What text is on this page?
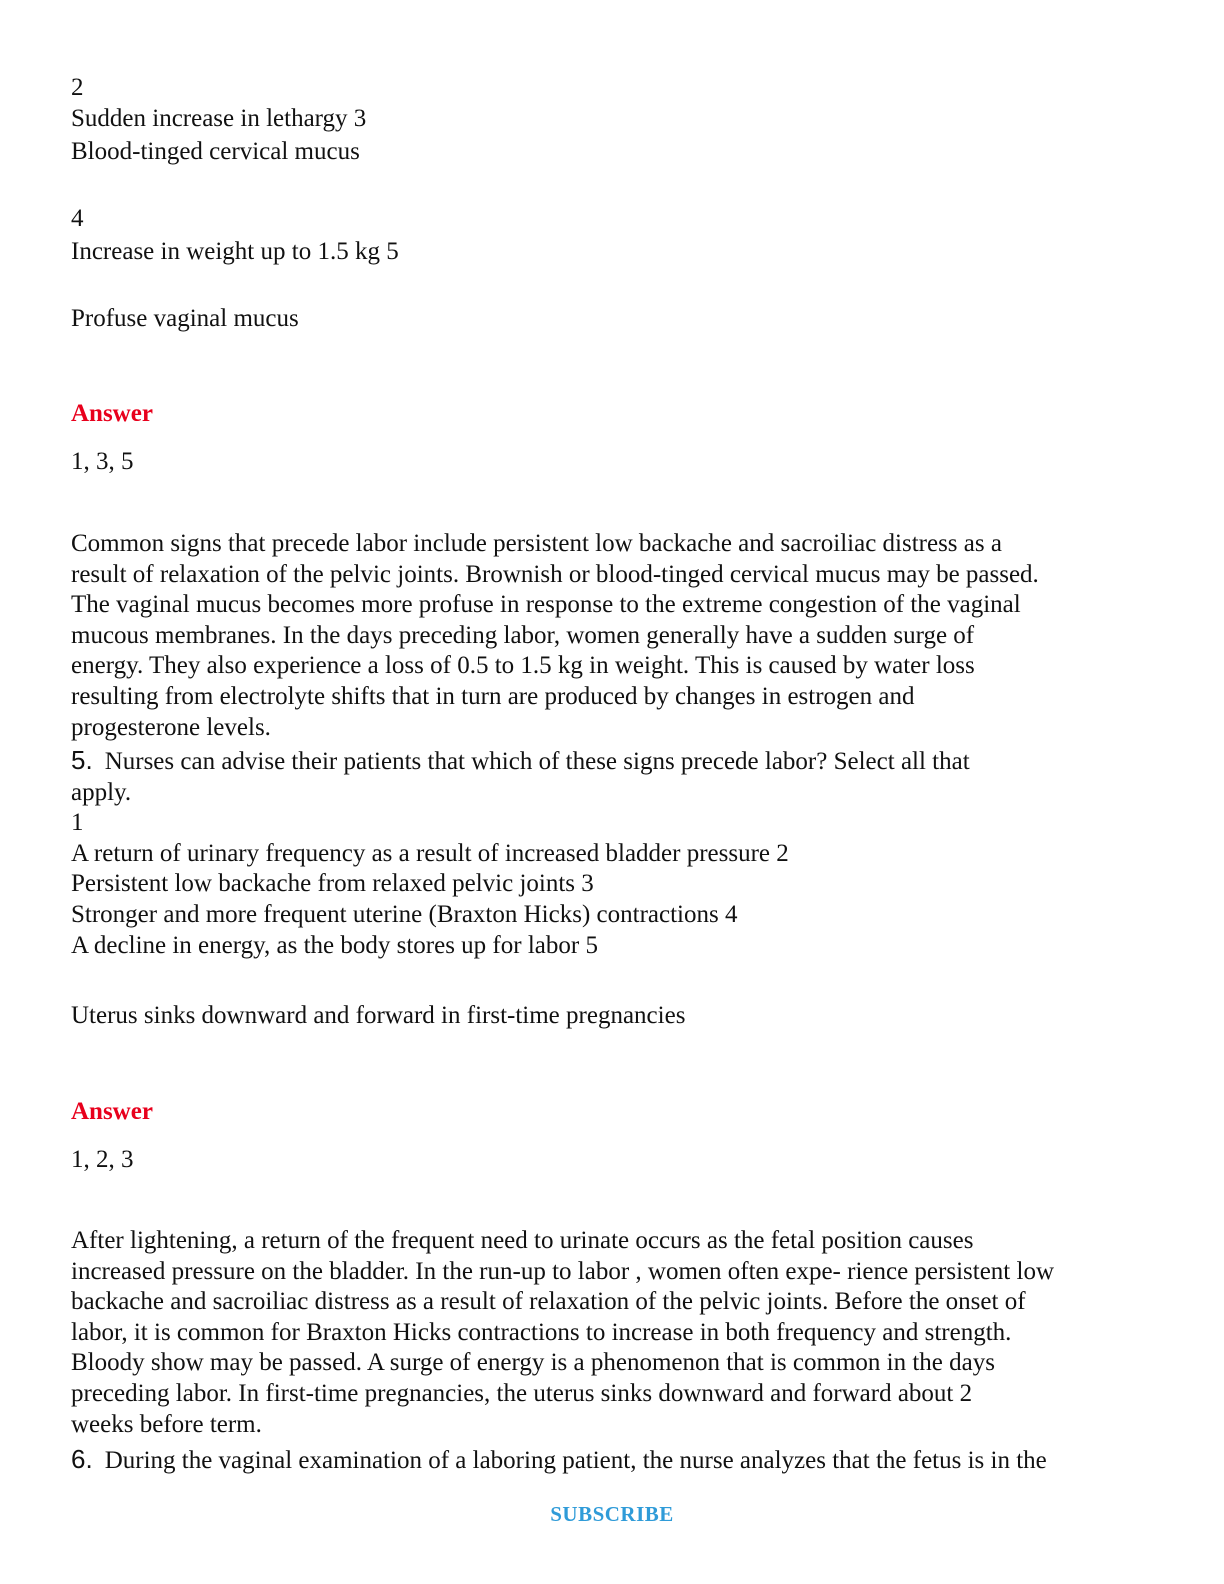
2

Sudden increase in lethargy 3

Blood-tinged cervical mucus

4

Increase in weight up to 1.5 kg 5

Profuse vaginal mucus

Answer

1, 3, 5

Common signs that precede labor include persistent low backache and sacroiliac distress as a
result of relaxation of the pelvic joints. Brownish or blood-tinged cervical mucus may be passed.
The vaginal mucus becomes more profuse in response to the extreme congestion of the vaginal
mucous membranes. In the days preceding labor, women generally have a sudden surge of
energy. They also experience a loss of 0.5 to 1.5 kg in weight. This is caused by water loss
resulting from electrolyte shifts that in turn are produced by changes in estrogen and
progesterone levels.
5. Nurses can advise their patients that which of these signs precede labor? Select all that
apply.
1
A return of urinary frequency as a result of increased bladder pressure 2
Persistent low backache from relaxed pelvic joints 3
Stronger and more frequent uterine (Braxton Hicks) contractions 4
A decline in energy, as the body stores up for labor 5

Uterus sinks downward and forward in first-time pregnancies

Answer

1, 2, 3

After lightening, a return of the frequent need to urinate occurs as the fetal position causes
increased pressure on the bladder. In the run-up to labor , women often expe- rience persistent low
backache and sacroiliac distress as a result of relaxation of the pelvic joints. Before the onset of
labor, it is common for Braxton Hicks contractions to increase in both frequency and strength.
Bloody show may be passed. A surge of energy is a phenomenon that is common in the days
preceding labor. In first-time pregnancies, the uterus sinks downward and forward about 2
weeks before term.
6. During the vaginal examination of a laboring patient, the nurse analyzes that the fetus is in the
SUBSCRIBE
